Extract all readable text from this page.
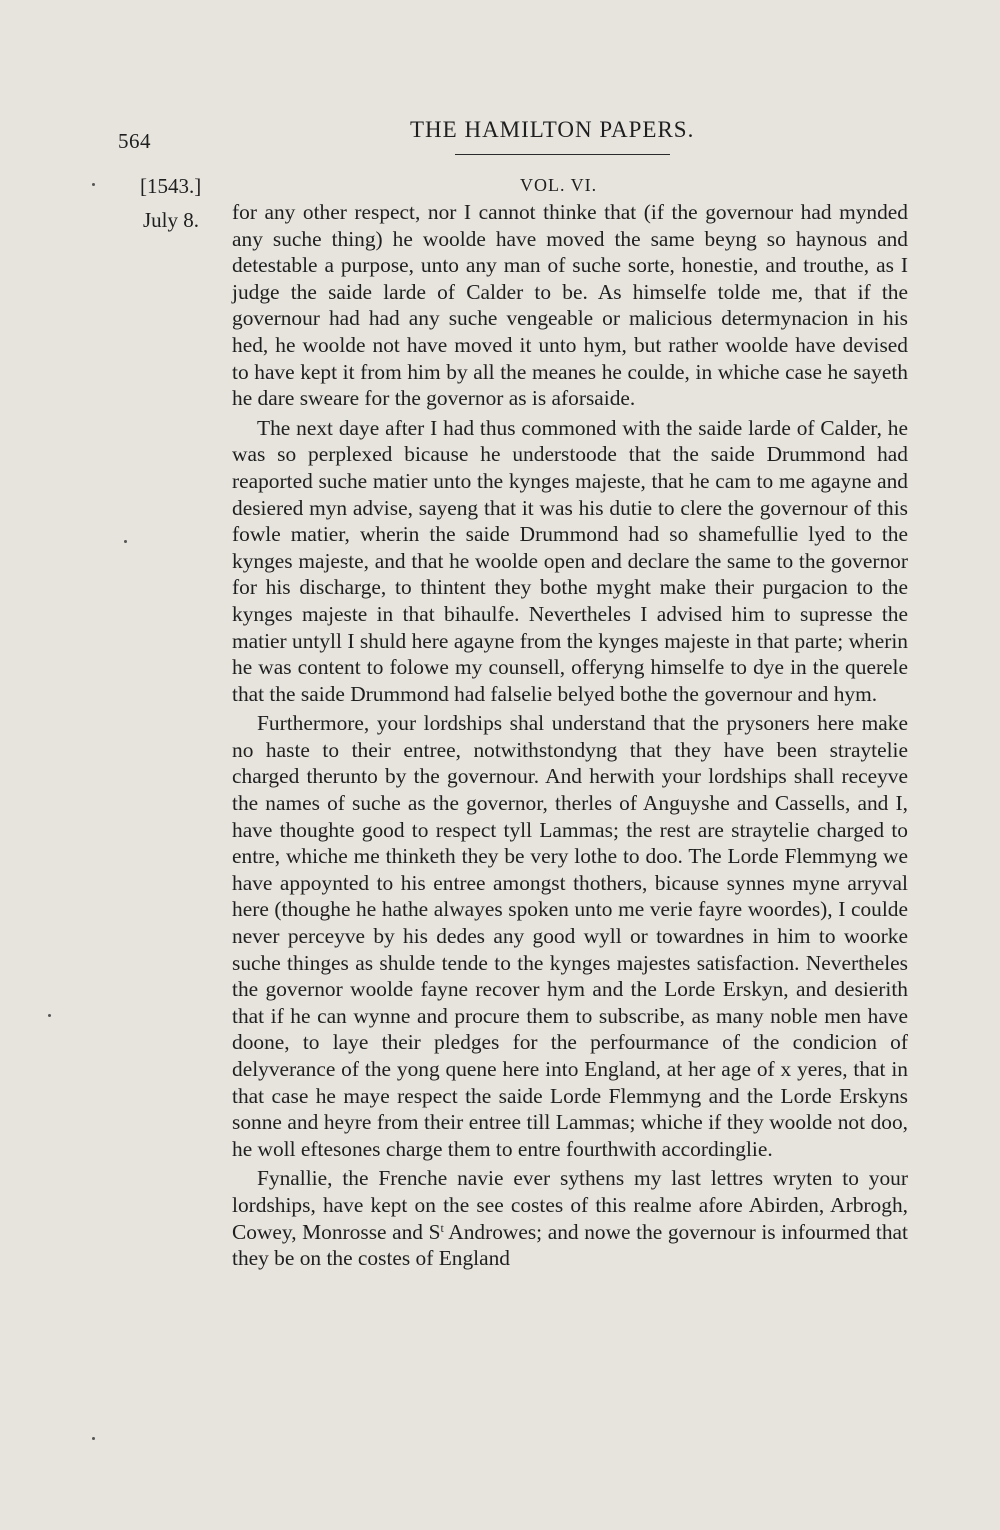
564	THE HAMILTON PAPERS.
[1543.]	VOL. VI.
July 8. for any other respect, nor I cannot thinke that (if the governour had mynded any suche thing) he woolde have moved the same beyng so haynous and detestable a purpose, unto any man of suche sorte, honestie, and trouthe, as I judge the saide larde of Calder to be. As himselfe tolde me, that if the governour had had any suche vengeable or malicious determynacion in his hed, he woolde not have moved it unto hym, but rather woolde have devised to have kept it from him by all the meanes he coulde, in whiche case he sayeth he dare sweare for the governor as is aforsaide.

The next daye after I had thus commoned with the saide larde of Calder, he was so perplexed bicause he understoode that the saide Drummond had reaported suche matier unto the kynges majeste, that he cam to me agayne and desiered myn advise, sayeng that it was his dutie to clere the governour of this fowle matier, wherin the saide Drummond had so shamefullie lyed to the kynges majeste, and that he woolde open and declare the same to the governor for his discharge, to thintent they bothe myght make their purgacion to the kynges majeste in that bihaulfe. Nevertheles I advised him to supresse the matier untyll I shuld here agayne from the kynges majeste in that parte; wherin he was content to folowe my counsell, offeryng himselfe to dye in the querele that the saide Drummond had falselie belyed bothe the governour and hym.

Furthermore, your lordships shal understand that the prysoners here make no haste to their entree, notwithstondyng that they have been straytelie charged therunto by the governour. And herwith your lordships shall receyve the names of suche as the governor, therles of Anguyshe and Cassells, and I, have thoughte good to respect tyll Lammas; the rest are straytelie charged to entre, whiche me thinketh they be very lothe to doo. The Lorde Flemmyng we have appoynted to his entree amongst thothers, bicause synnes myne arryval here (thoughe he hathe alwayes spoken unto me verie fayre woordes), I coulde never perceyve by his dedes any good wyll or towardnes in him to woorke suche thinges as shulde tende to the kynges majestes satisfaction. Nevertheles the governor woolde fayne recover hym and the Lorde Erskyn, and desierith that if he can wynne and procure them to subscribe, as many noble men have doone, to laye their pledges for the perfourmance of the condicion of delyverance of the yong quene here into England, at her age of x yeres, that in that case he maye respect the saide Lorde Flemmyng and the Lorde Erskyns sonne and heyre from their entree till Lammas; whiche if they woolde not doo, he woll eftesones charge them to entre fourthwith accordinglie.

Fynallie, the Frenche navie ever sythens my last lettres wryten to your lordships, have kept on the see costes of this realme afore Abirden, Arbrogh, Cowey, Monrosse and $S^t$ Androwes; and nowe the governour is infourmed that they be on the costes of England
